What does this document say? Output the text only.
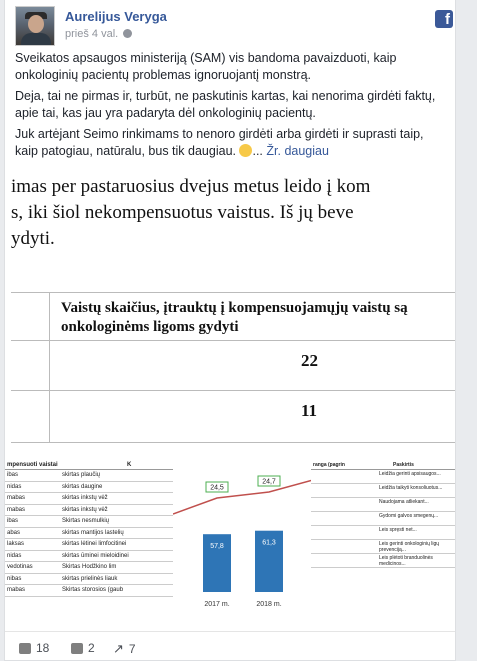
Aurelijus Veryga
prieš 4 val.
f

Sveikatos apsaugos ministeriją (SAM) vis bandoma pavaizduoti, kaip onkologinių pacientų problemas ignoruojantį monstrą.

Deja, tai ne pirmas ir, turbūt, ne paskutinis kartas, kai nenorima girdėti faktų, apie tai, kas jau yra padaryta dėl onkologinių pacientų.

Juk artėjant Seimo rinkimams to nenoro girdėti arba girdėti ir suprasti taip, kaip patogiau, natūralu, bus tik daugiau. ... Žr. daugiau

imas per pastaruosius dvejus metus leido į kom
s, iki šiol nekompensuotus vaistus. Iš jų beve
ydyti.
Vaistų skaičius, įtrauktų į kompensuojamųjų vaistų są
onkologinėms ligoms gydyti
22
11
mpensuoti vaistai	K
ibas	skirtas plaučių
nidas	skirtas daugine
mabas	skirtas inkstų vėž
mabas	skirtas inkstų vėž
ibas	Skirtas nesmulkių
abas	skirtas mantijos lastelių
laksas	skirtas lėtinei limfocitinei
nidas	skirtas ūminei mieloidinei
vedotinas	Skirtas Hodžkino lim
nibas	skirtas prielinės liauk
mabas	Skirtas storosios (gaub
57,8
2017 m.
61,3
2018 m.
24,5
24,7
ranga (pagrin	Paskirtis
Leidžia gerinti apsisaugos...
Leidžia taikyti konsoliuotus...
Naudojama atliekant...
Gydomi galvos smegenų...
Leis spręsti net...
Leis gerinti onkologinių ligų prevenciją...
Leis plėtoti branduolinės medicinos...
18	2 ↗ 7
